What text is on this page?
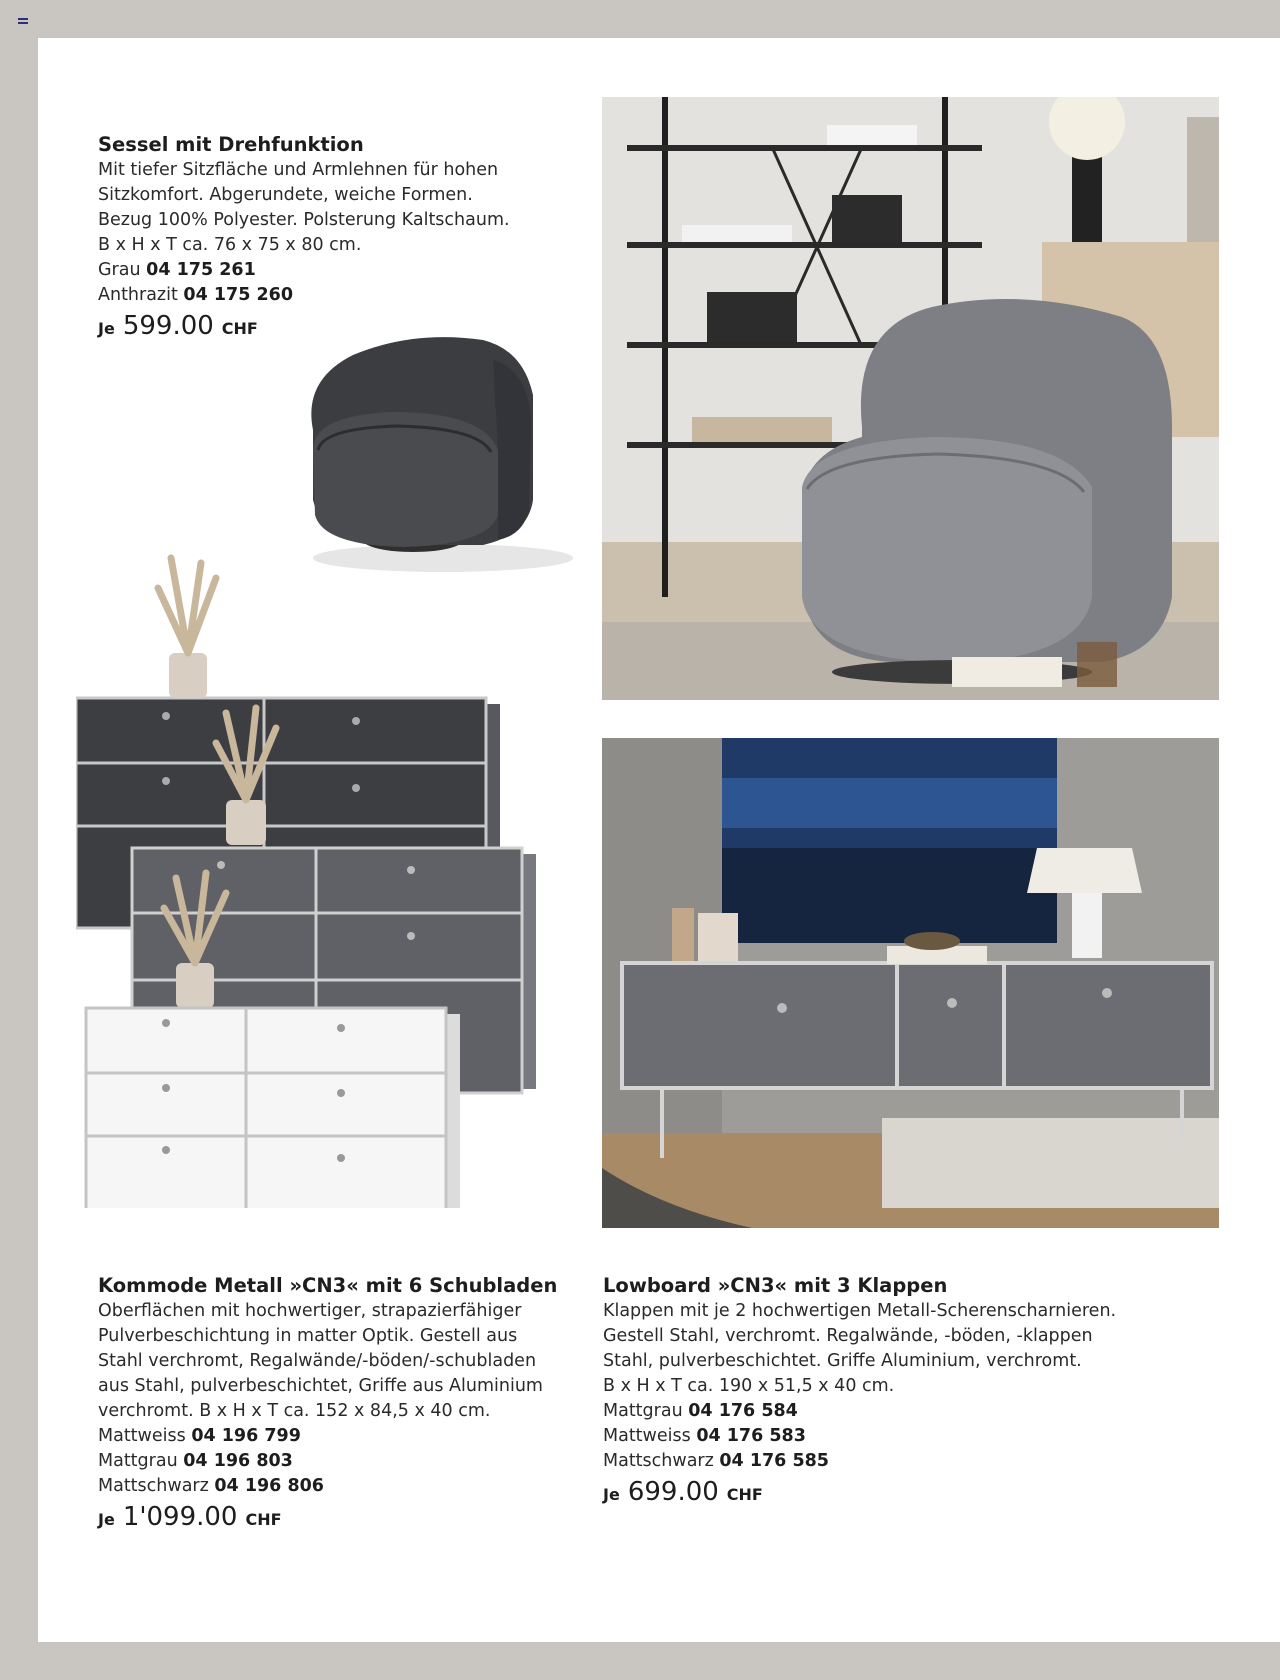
Sessel mit Drehfunktion

Mit tiefer Sitzfläche und Armlehnen für hohen

Sitzkomfort. Abgerundete, weiche Formen.

Bezug 100% Polyester. Polsterung Kaltschaum.

B x H x T ca. 76 x 75 x 80 cm.

Grau 04 175 261

Anthrazit 04 175 260

Je 599.00 CHF
Kommode Metall »CN3« mit 6 Schubladen

Oberflächen mit hochwertiger, strapazierfähiger

Pulverbeschichtung in matter Optik. Gestell aus

Stahl verchromt, Regalwände/-böden/-schubladen

aus Stahl, pulverbeschichtet, Griffe aus Aluminium

verchromt. B x H x T ca. 152 x 84,5 x 40 cm.

Mattweiss 04 196 799

Mattgrau 04 196 803

Mattschwarz 04 196 806

Je 1'099.00 CHF
Lowboard »CN3« mit 3 Klappen

Klappen mit je 2 hochwertigen Metall-Scherenscharnieren.

Gestell Stahl, verchromt. Regalwände, -böden, -klappen

Stahl, pulverbeschichtet. Griffe Aluminium, verchromt.

B x H x T ca. 190 x 51,5 x 40 cm.

Mattgrau 04 176 584

Mattweiss 04 176 583

Mattschwarz 04 176 585

Je 699.00 CHF
